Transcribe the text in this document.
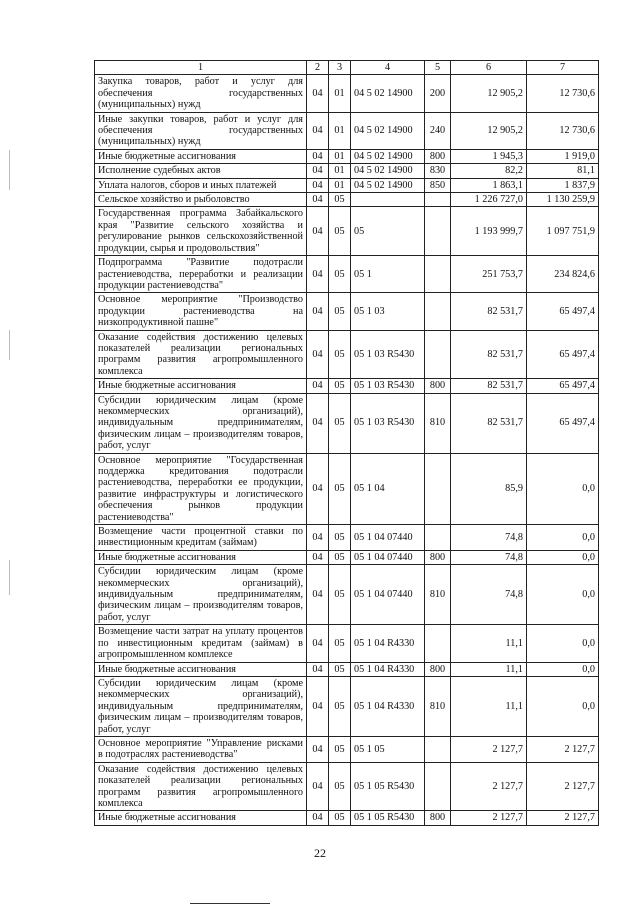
1	2	3	4	5	6	7
Закупка товаров, работ и услуг для обеспечения государственных (муниципальных) нужд	04	01	04 5 02 14900	200	12 905,2	12 730,6
Иные закупки товаров, работ и услуг для обеспечения государственных (муниципальных) нужд	04	01	04 5 02 14900	240	12 905,2	12 730,6
Иные бюджетные ассигнования	04	01	04 5 02 14900	800	1 945,3	1 919,0
Исполнение судебных актов	04	01	04 5 02 14900	830	82,2	81,1
Уплата налогов, сборов и иных платежей	04	01	04 5 02 14900	850	1 863,1	1 837,9
Сельское хозяйство и рыболовство	04	05			1 226 727,0	1 130 259,9
Государственная программа Забайкальского края "Развитие сельского хозяйства и регулирование рынков сельскохозяйственной продукции, сырья и продовольствия"	04	05	05		1 193 999,7	1 097 751,9
Подпрограмма "Развитие подотрасли растениеводства, переработки и реализации продукции растениеводства"	04	05	05 1		251 753,7	234 824,6
Основное мероприятие "Производство продукции растениеводства на низкопродуктивной пашне"	04	05	05 1 03		82 531,7	65 497,4
Оказание содействия достижению целевых показателей реализации региональных программ развития агропромышленного комплекса	04	05	05 1 03 R5430		82 531,7	65 497,4
Иные бюджетные ассигнования	04	05	05 1 03 R5430	800	82 531,7	65 497,4
Субсидии юридическим лицам (кроме некоммерческих организаций), индивидуальным предпринимателям, физическим лицам – производителям товаров, работ, услуг	04	05	05 1 03 R5430	810	82 531,7	65 497,4
Основное мероприятие "Государственная поддержка кредитования подотрасли растениеводства, переработки ее продукции, развитие инфраструктуры и логистического обеспечения рынков продукции растениеводства"	04	05	05 1 04		85,9	0,0
Возмещение части процентной ставки по инвестиционным кредитам (займам)	04	05	05 1 04 07440		74,8	0,0
Иные бюджетные ассигнования	04	05	05 1 04 07440	800	74,8	0,0
Субсидии юридическим лицам (кроме некоммерческих организаций), индивидуальным предпринимателям, физическим лицам – производителям товаров, работ, услуг	04	05	05 1 04 07440	810	74,8	0,0
Возмещение части затрат на уплату процентов по инвестиционным кредитам (займам) в агропромышленном комплексе	04	05	05 1 04 R4330		11,1	0,0
Иные бюджетные ассигнования	04	05	05 1 04 R4330	800	11,1	0,0
Субсидии юридическим лицам (кроме некоммерческих организаций), индивидуальным предпринимателям, физическим лицам – производителям товаров, работ, услуг	04	05	05 1 04 R4330	810	11,1	0,0
Основное мероприятие "Управление рисками в подотраслях растениеводства"	04	05	05 1 05		2 127,7	2 127,7
Оказание содействия достижению целевых показателей реализации региональных программ развития агропромышленного комплекса	04	05	05 1 05 R5430		2 127,7	2 127,7
Иные бюджетные ассигнования	04	05	05 1 05 R5430	800	2 127,7	2 127,7
22
